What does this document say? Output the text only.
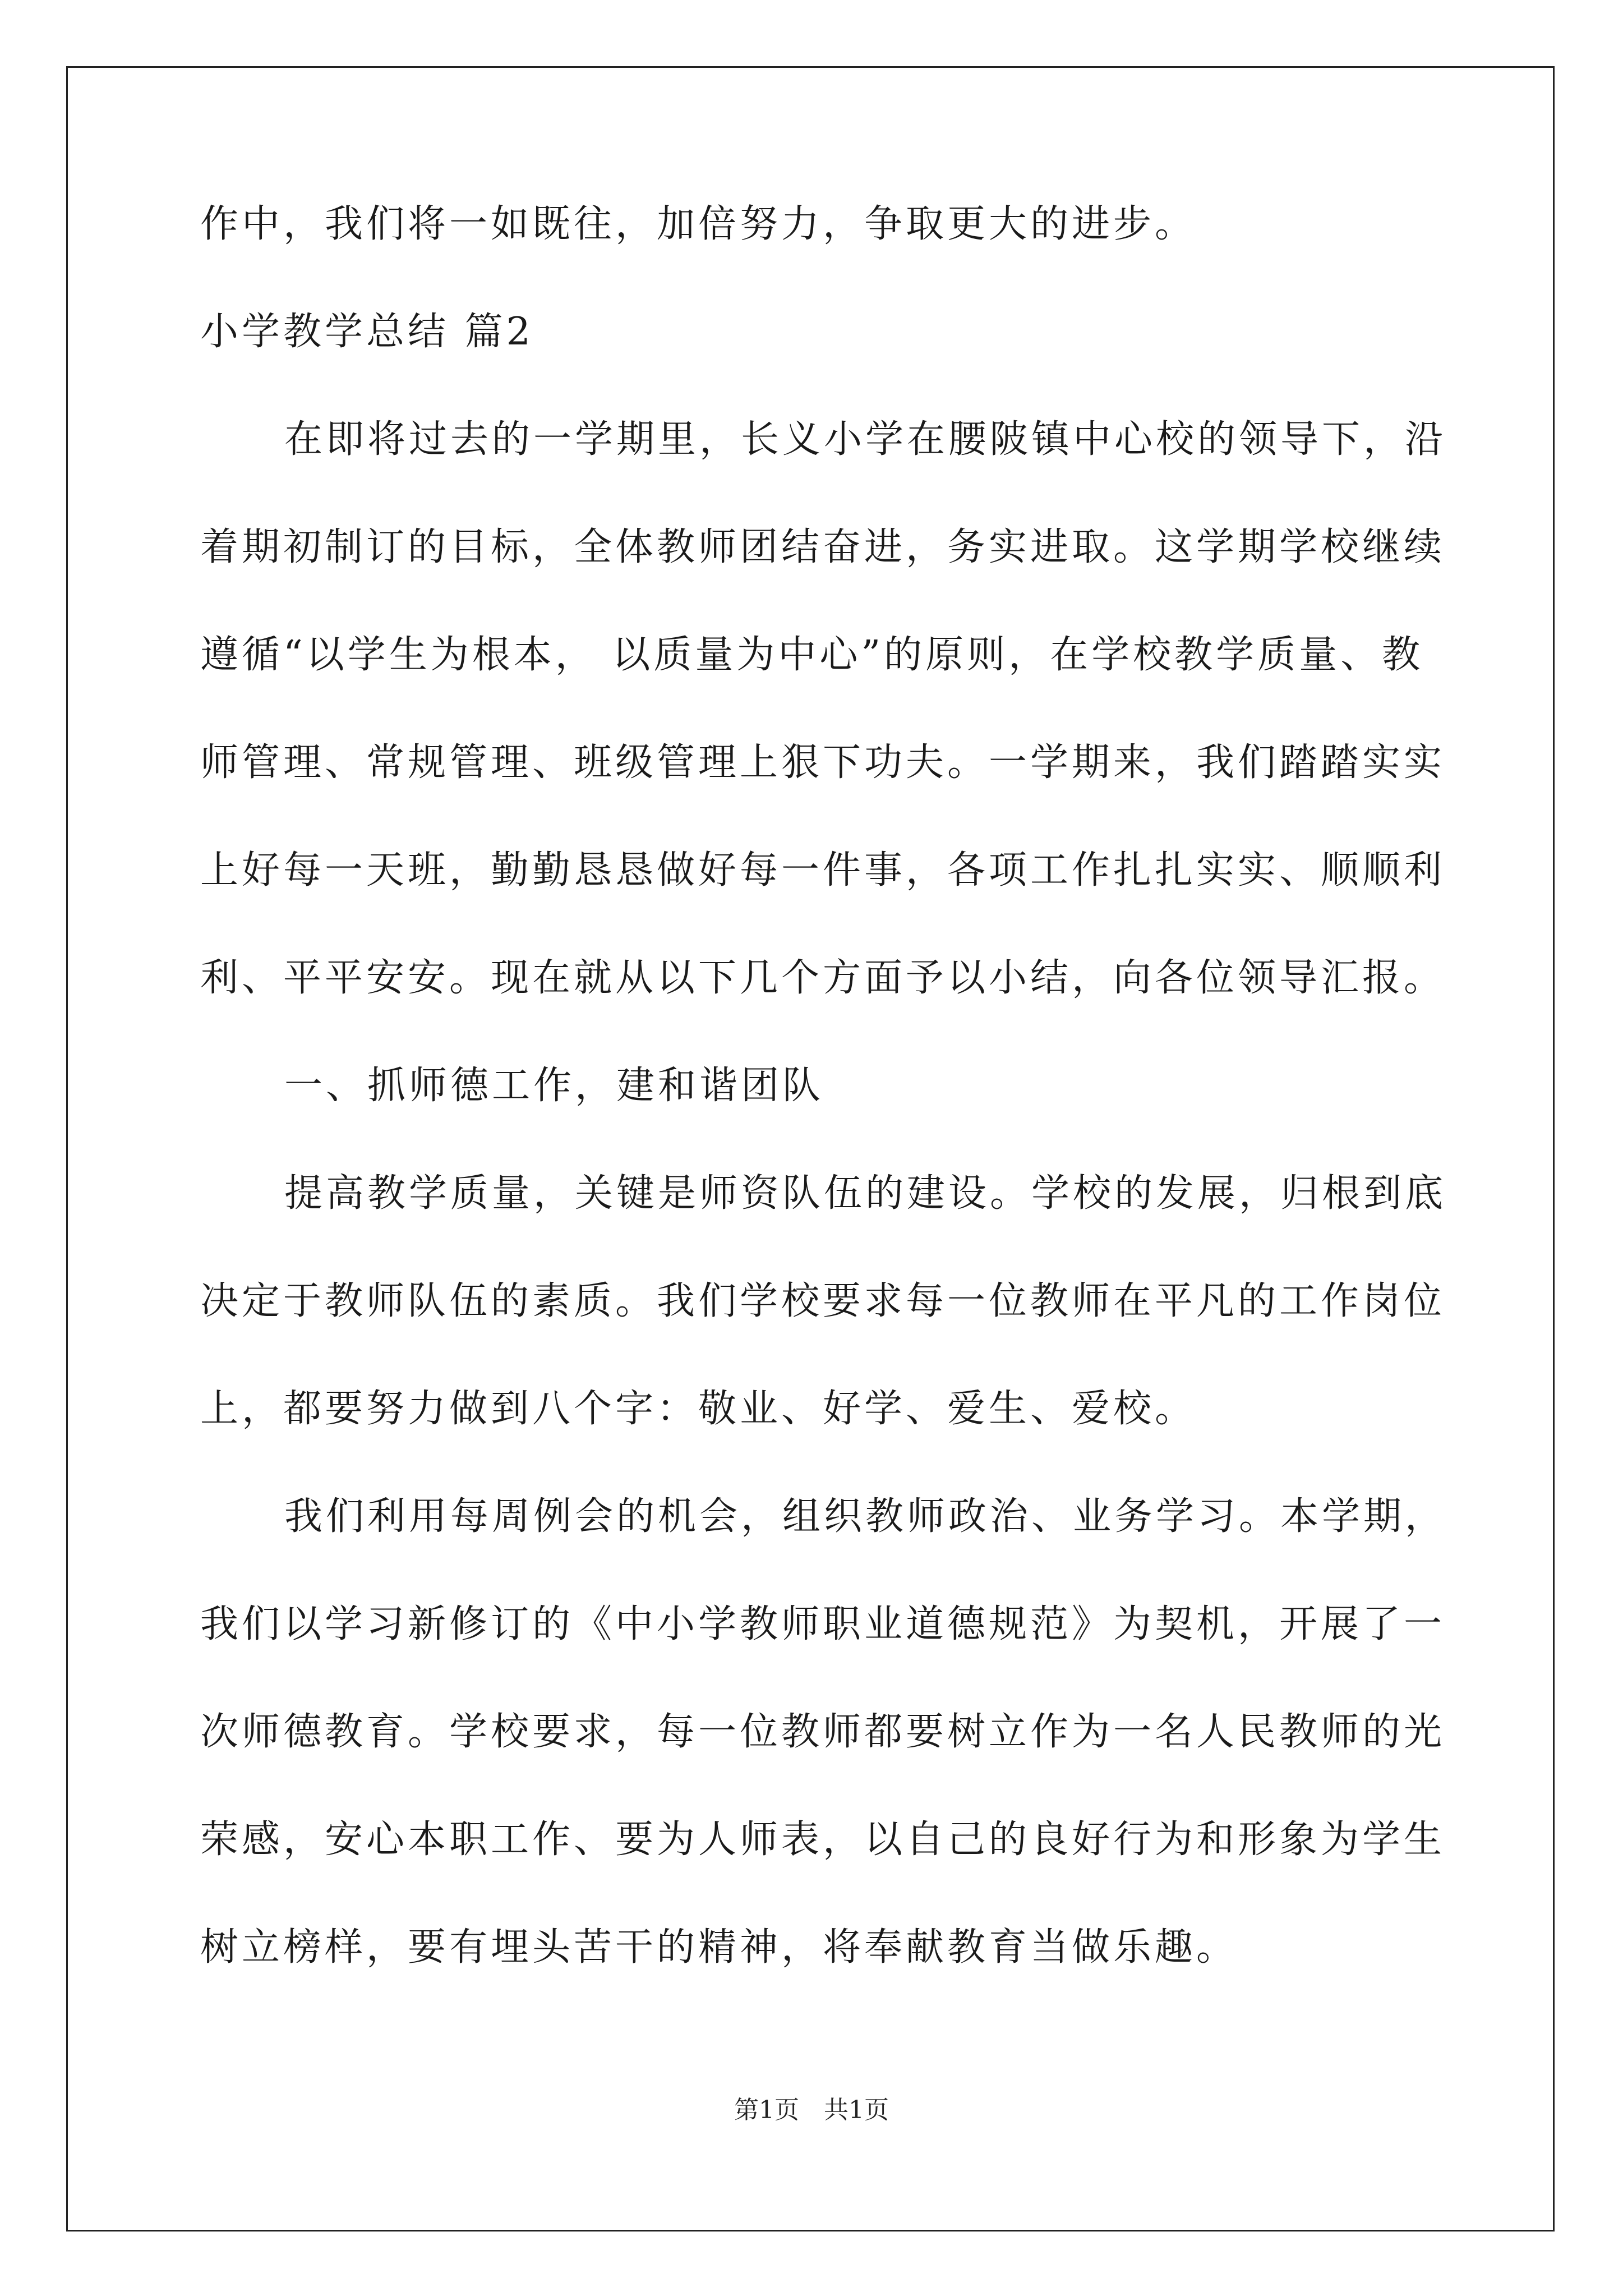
作中，我们将一如既往，加倍努力，争取更大的进步。
小学教学总结 篇2
在即将过去的一学期里，长义小学在腰陂镇中心校的领导下，沿
着期初制订的目标，全体教师团结奋进，务实进取。这学期学校继续
遵循“以学生为根本， 以质量为中心”的原则，在学校教学质量、教
师管理、常规管理、班级管理上狠下功夫。一学期来，我们踏踏实实
上好每一天班，勤勤恳恳做好每一件事，各项工作扎扎实实、顺顺利
利、平平安安。现在就从以下几个方面予以小结，向各位领导汇报。
一、抓师德工作，建和谐团队
提高教学质量，关键是师资队伍的建设。学校的发展，归根到底
决定于教师队伍的素质。我们学校要求每一位教师在平凡的工作岗位
上，都要努力做到八个字：敬业、好学、爱生、爱校。
我们利用每周例会的机会，组织教师政治、业务学习。本学期，
我们以学习新修订的《中小学教师职业道德规范》为契机，开展了一
次师德教育。学校要求，每一位教师都要树立作为一名人民教师的光
荣感，安心本职工作、要为人师表，以自己的良好行为和形象为学生
树立榜样，要有埋头苦干的精神，将奉献教育当做乐趣。
第1页　共1页
